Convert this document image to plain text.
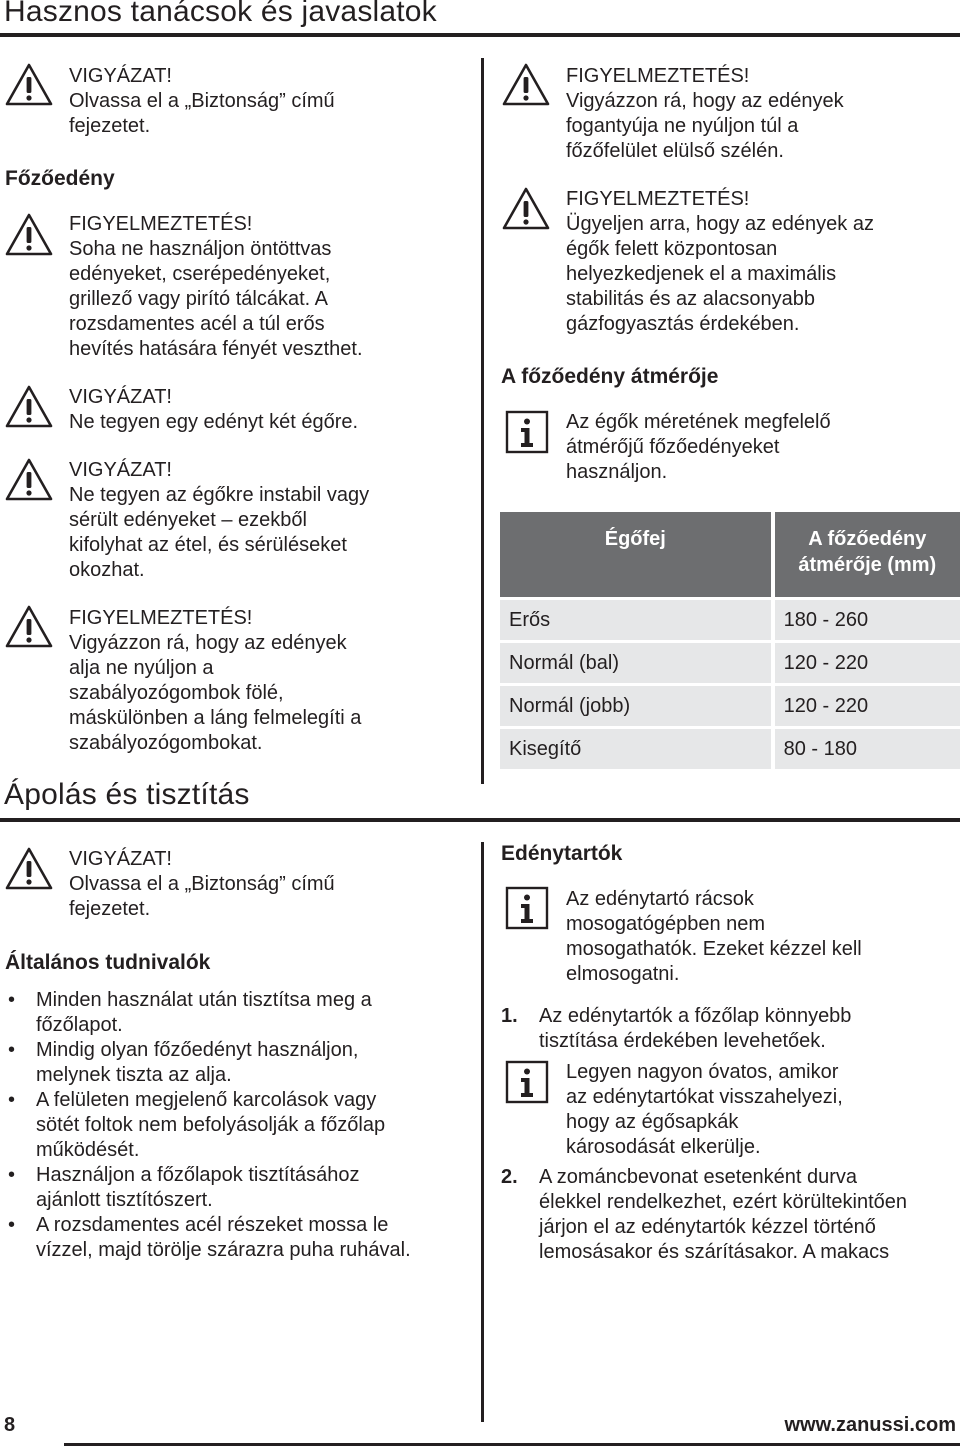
Hasznos tanácsok és javaslatok
VIGYÁZAT!
Olvassa el a „Biztonság” című
fejezetet.
Főzőedény
FIGYELMEZTETÉS!
Soha ne használjon öntöttvas
edényeket, cserépedényeket,
grillező vagy pirító tálcákat. A
rozsdamentes acél a túl erős
hevítés hatására fényét veszthet.
VIGYÁZAT!
Ne tegyen egy edényt két égőre.
VIGYÁZAT!
Ne tegyen az égőkre instabil vagy
sérült edényeket – ezekből
kifolyhat az étel, és sérüléseket
okozhat.
FIGYELMEZTETÉS!
Vigyázzon rá, hogy az edények
alja ne nyúljon a
szabályozógombok fölé,
máskülönben a láng felmelegíti a
szabályozógombokat.
FIGYELMEZTETÉS!
Vigyázzon rá, hogy az edények
fogantyúja ne nyúljon túl a
főzőfelület elülső szélén.
FIGYELMEZTETÉS!
Ügyeljen arra, hogy az edények az
égők felett központosan
helyezkedjenek el a maximális
stabilitás és az alacsonyabb
gázfogyasztás érdekében.
A főzőedény átmérője
Az égők méretének megfelelő
átmérőjű főzőedényeket
használjon.
Égőfej	A főzőedény
átmérője (mm)
Erős	180 - 260
Normál (bal)	120 - 220
Normál (jobb)	120 - 220
Kisegítő	80 - 180
Ápolás és tisztítás
VIGYÁZAT!
Olvassa el a „Biztonság” című
fejezetet.
Általános tudnivalók
• Minden használat után tisztítsa meg a
főzőlapot.
• Mindig olyan főzőedényt használjon,
melynek tiszta az alja.
• A felületen megjelenő karcolások vagy
sötét foltok nem befolyásolják a főzőlap
működését.
• Használjon a főzőlapok tisztításához
ajánlott tisztítószert.
• A rozsdamentes acél részeket mossa le
vízzel, majd törölje szárazra puha ruhával.
Edénytartók
Az edénytartó rácsok
mosogatógépben nem
mosogathatók. Ezeket kézzel kell
elmosogatni.
1. Az edénytartók a főzőlap könnyebb
tisztítása érdekében levehetőek.
Legyen nagyon óvatos, amikor
az edénytartókat visszahelyezi,
hogy az égősapkák
károsodását elkerülje.
2. A zománcbevonat esetenként durva
élekkel rendelkezhet, ezért körültekintően
járjon el az edénytartók kézzel történő
lemosásakor és szárításakor. A makacs
8	www.zanussi.com
